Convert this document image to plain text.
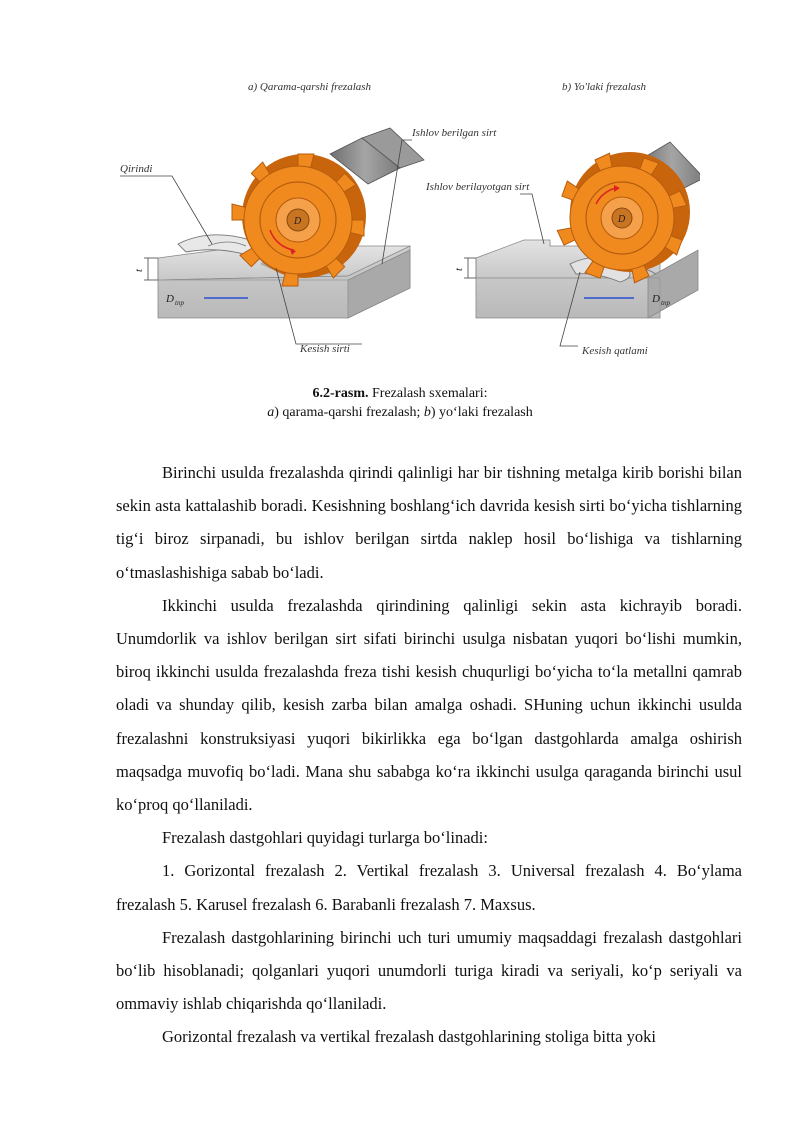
a) Qarama-qarshi frezalash
D
D tnp
t
Qirindi
Ishlov berilgan sirt
Kesish sirti
b) Yo'laki frezalash
D
D tnp
t
Ishlov berilayotgan sirt
Kesish qatlami
6.2-rasm. Frezalash sxemalari:
a) qarama-qarshi frezalash; b) yo‘laki frezalash

Birinchi usulda frezalashda qirindi qalinligi har bir tishning metalga kirib borishi bilan sekin asta kattalashib boradi. Kesishning boshlang‘ich davrida kesish sirti bo‘yicha tishlarning tig‘i biroz sirpanadi, bu ishlov berilgan sirtda naklep hosil bo‘lishiga va tishlarning o‘tmaslashishiga sabab bo‘ladi.

Ikkinchi usulda frezalashda qirindining qalinligi sekin asta kichrayib boradi. Unumdorlik va ishlov berilgan sirt sifati birinchi usulga nisbatan yuqori bo‘lishi mumkin, biroq ikkinchi usulda frezalashda freza tishi kesish chuqurligi bo‘yicha to‘la metallni qamrab oladi va shunday qilib, kesish zarba bilan amalga oshadi. SHuning uchun ikkinchi usulda frezalashni konstruksiyasi yuqori bikirlikka ega bo‘lgan dastgohlarda amalga oshirish maqsadga muvofiq bo‘ladi. Mana shu sababga ko‘ra ikkinchi usulga qaraganda birinchi usul ko‘proq qo‘llaniladi.

Frezalash dastgohlari quyidagi turlarga bo‘linadi:

1. Gorizontal frezalash 2. Vertikal frezalash 3. Universal frezalash 4. Bo‘ylama frezalash 5. Karusel frezalash 6. Barabanli frezalash 7. Maxsus.

Frezalash dastgohlarining birinchi uch turi umumiy maqsaddagi frezalash dastgohlari bo‘lib hisoblanadi; qolganlari yuqori unumdorli turiga kiradi va seriyali, ko‘p seriyali va ommaviy ishlab chiqarishda qo‘llaniladi.

Gorizontal frezalash va vertikal frezalash dastgohlarining stoliga bitta yoki
